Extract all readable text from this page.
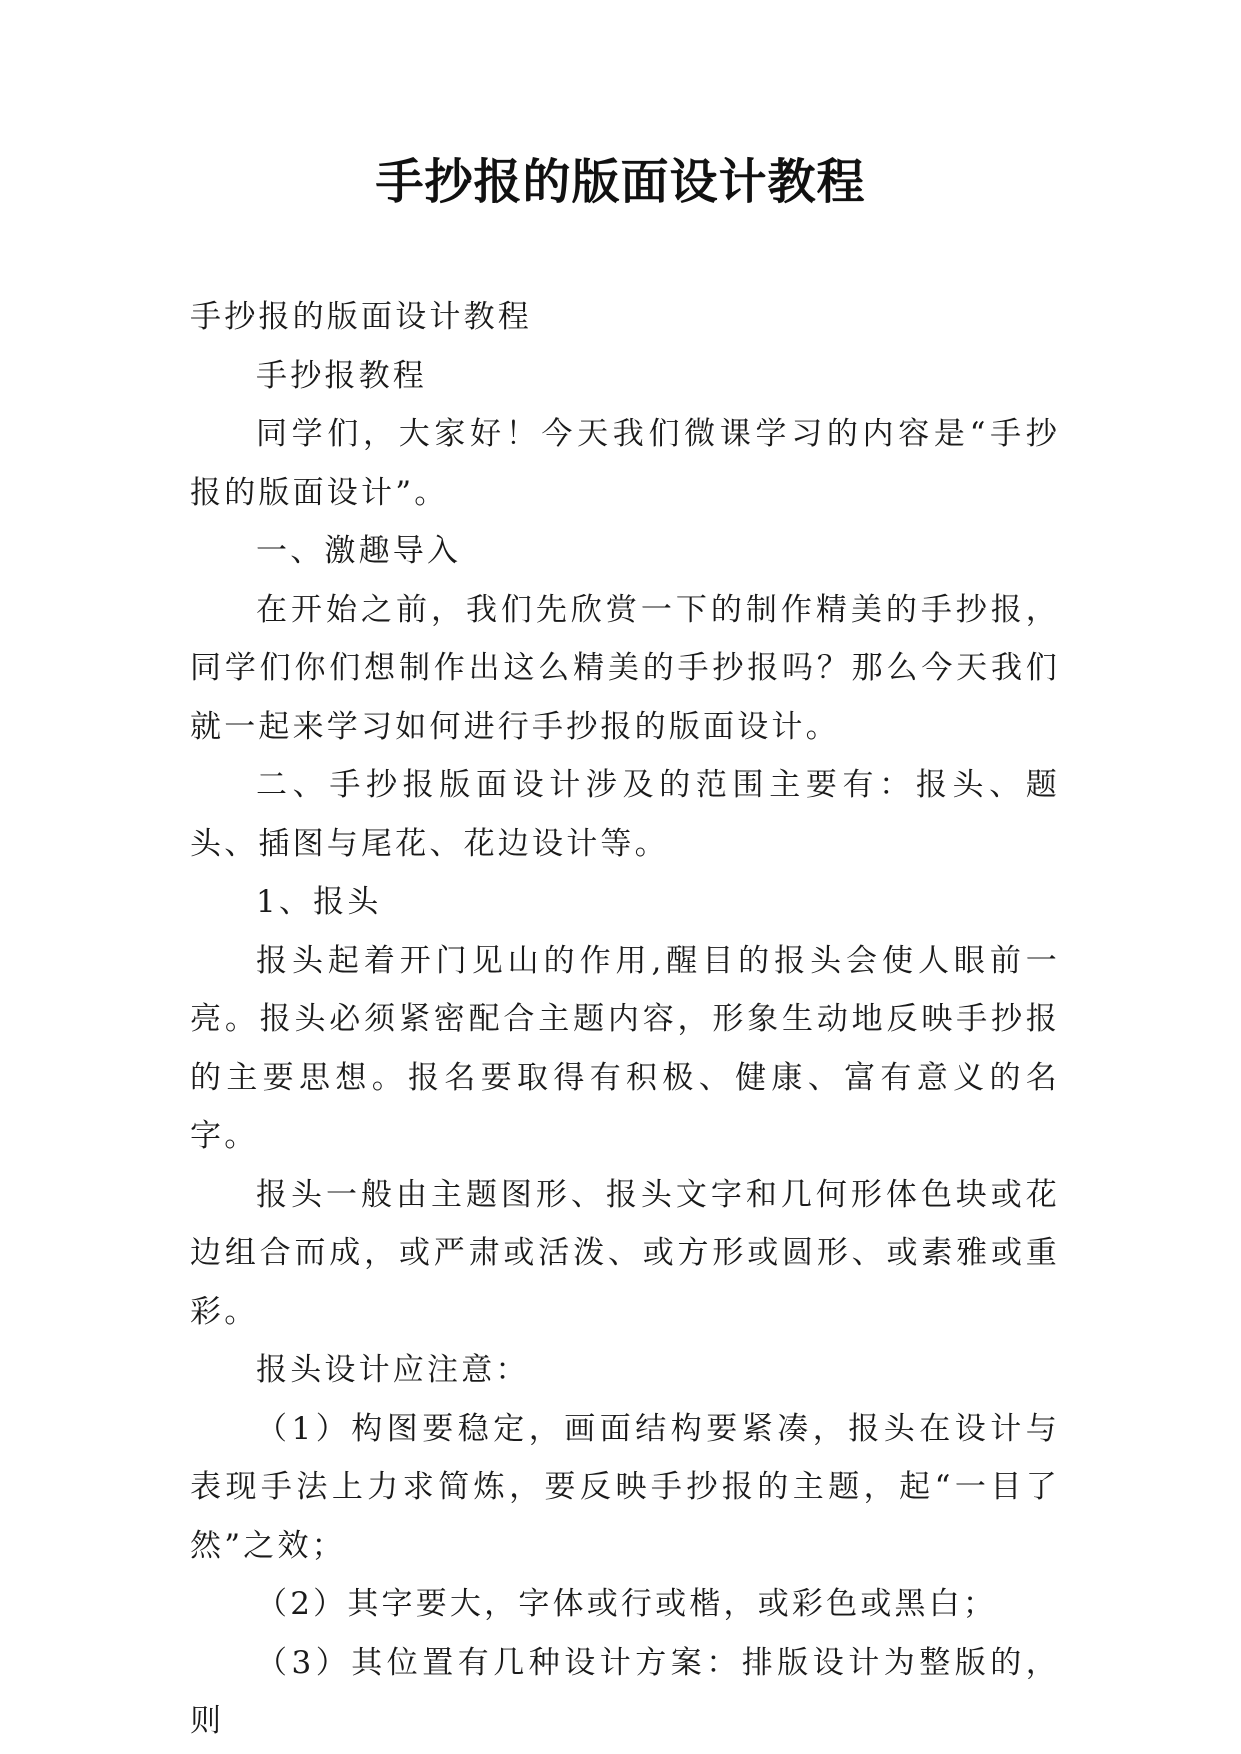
手抄报的版面设计教程

手抄报的版面设计教程

手抄报教程

同学们，大家好！今天我们微课学习的内容是“手抄报的版面设计”。

一、激趣导入

在开始之前，我们先欣赏一下的制作精美的手抄报，同学们你们想制作出这么精美的手抄报吗？那么今天我们就一起来学习如何进行手抄报的版面设计。

二、手抄报版面设计涉及的范围主要有：报头、题头、插图与尾花、花边设计等。

1、报头

报头起着开门见山的作用,醒目的报头会使人眼前一亮。报头必须紧密配合主题内容，形象生动地反映手抄报的主要思想。报名要取得有积极、健康、富有意义的名字。

报头一般由主题图形、报头文字和几何形体色块或花边组合而成，或严肃或活泼、或方形或圆形、或素雅或重彩。

报头设计应注意：

（1）构图要稳定，画面结构要紧凑，报头在设计与表现手法上力求简炼，要反映手抄报的主题，起“一目了然”之效；

（2）其字要大，字体或行或楷，或彩色或黑白；

（3）其位置有几种设计方案：排版设计为整版的，则
